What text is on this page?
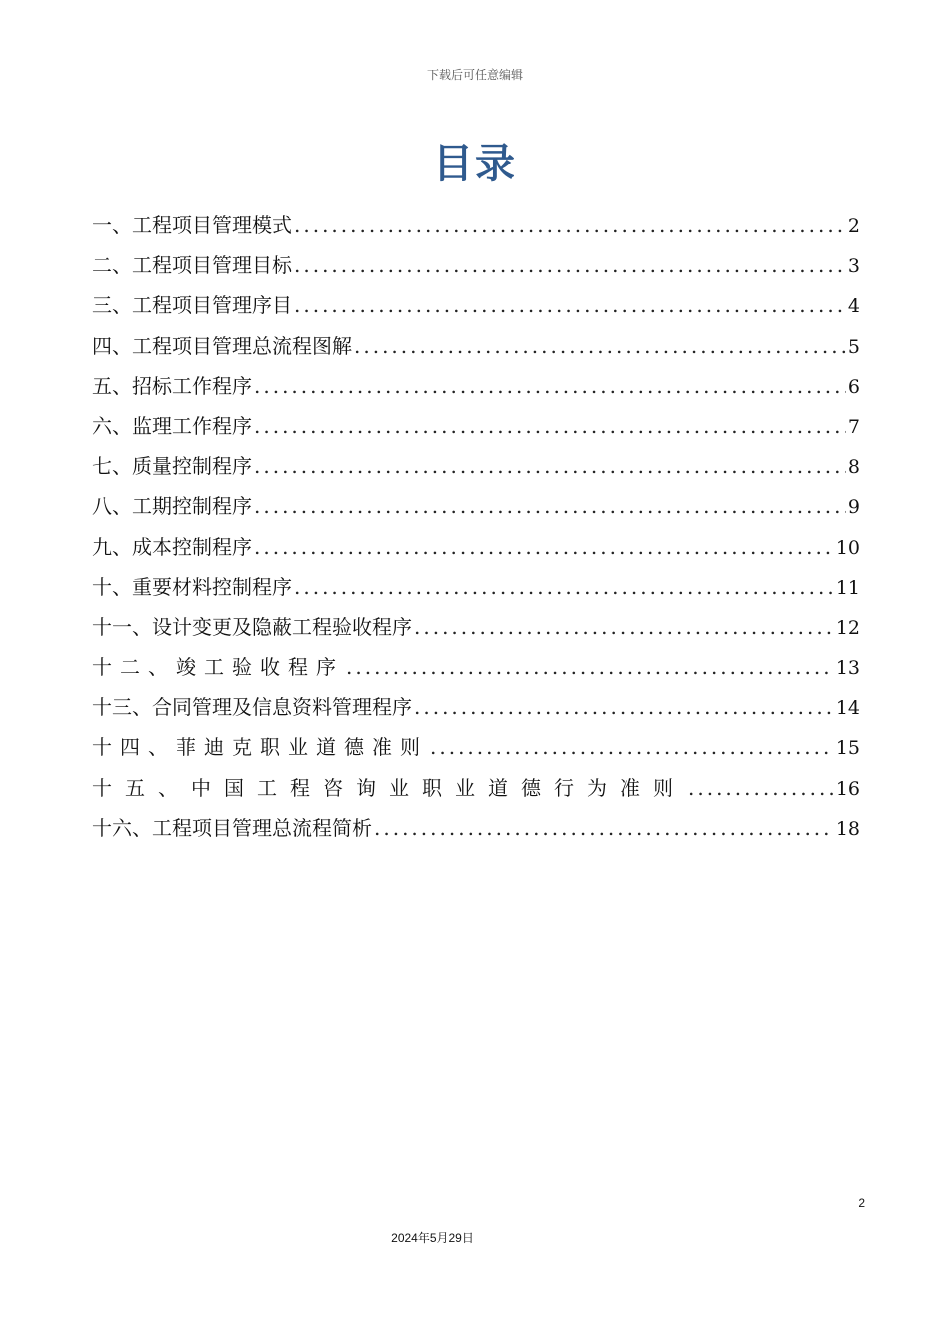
下载后可任意编辑
目录
一、工程项目管理模式 .....	2
二、工程项目管理目标 .....	3
三、工程项目管理序目 .....	4
四、工程项目管理总流程图解 .....	5
五、招标工作程序 .....	6
六、监理工作程序 .....	7
七、质量控制程序 .....	8
八、工期控制程序 .....	9
九、成本控制程序 .....	10
十、重要材料控制程序 .....	11
十一、设计变更及隐蔽工程验收程序 .....	12
十二、竣工验收程序 .....	13
十三、合同管理及信息资料管理程序 .....	14
十四、菲迪克职业道德准则 .....	15
十五、中国工程咨询业职业道德行为准则 .....	16
十六、工程项目管理总流程简析 .....	18
2
2024年5月29日
